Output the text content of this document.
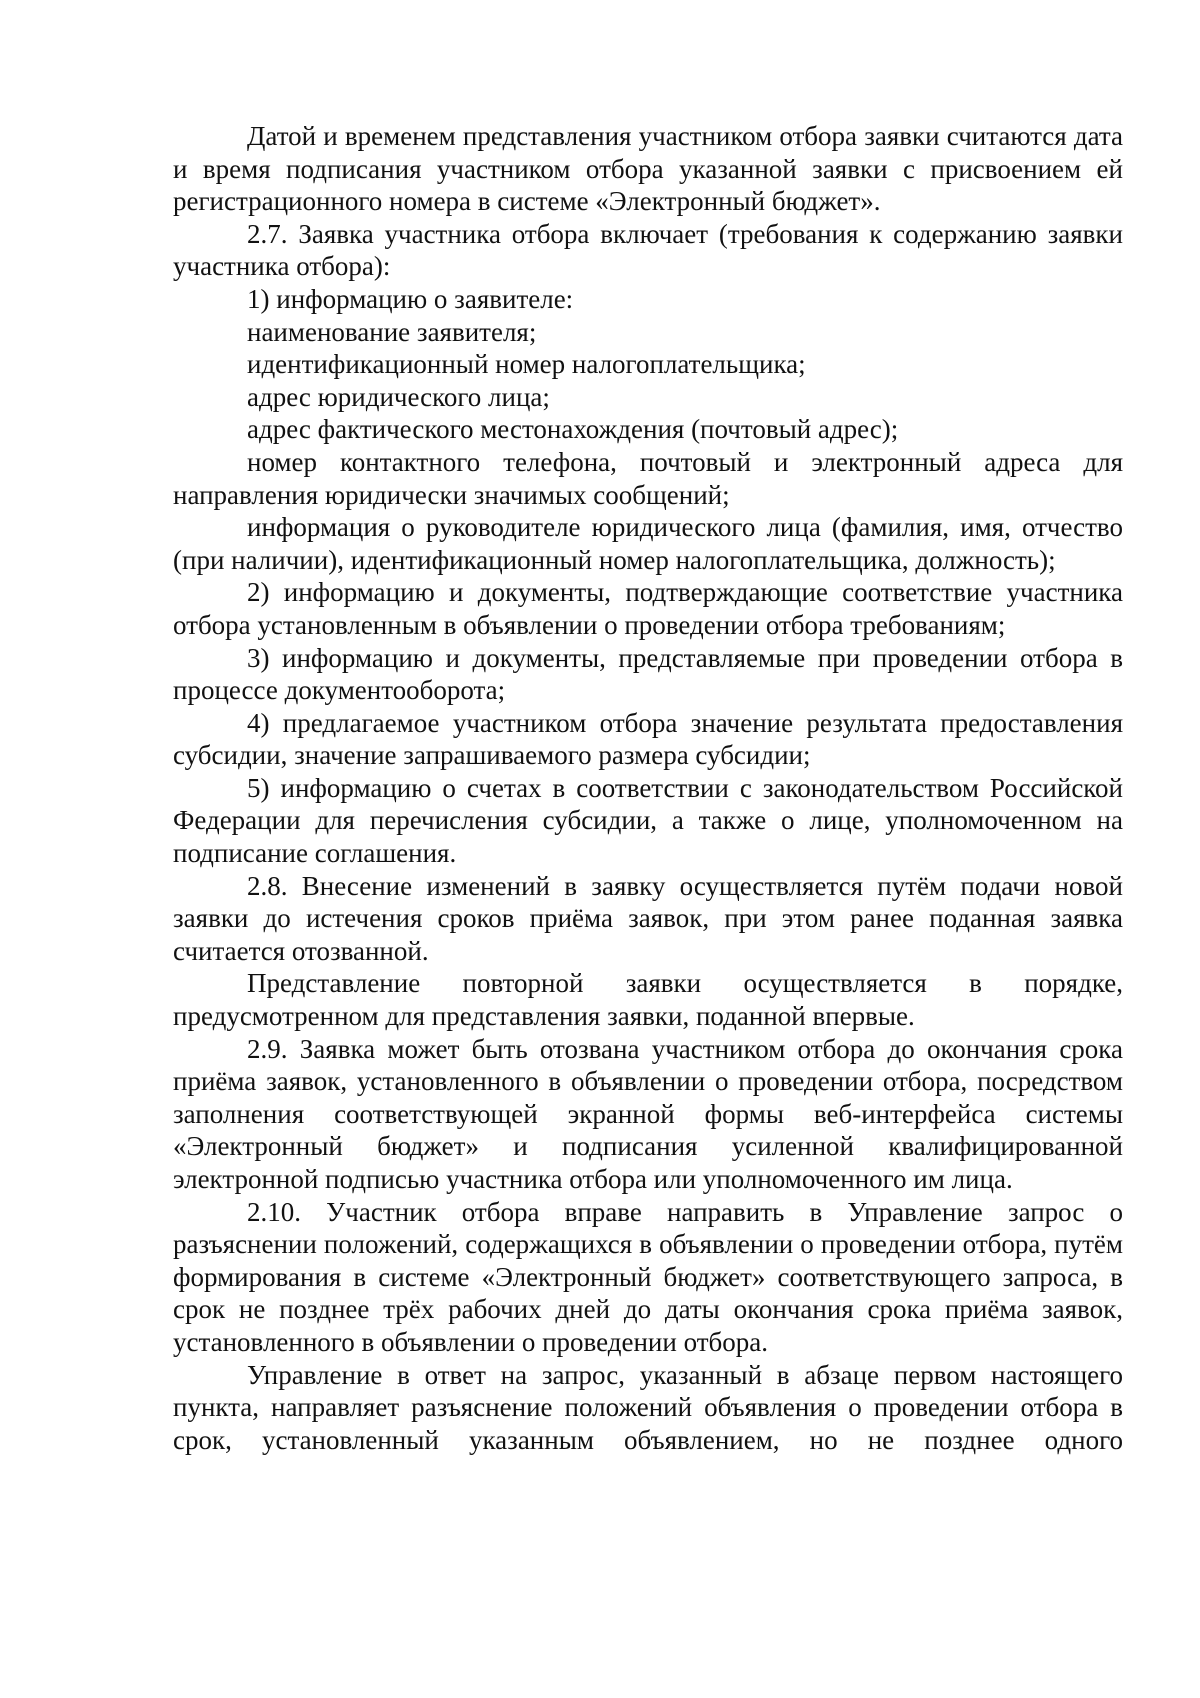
Датой и временем представления участником отбора заявки считаются дата и время подписания участником отбора указанной заявки с присвоением ей регистрационного номера в системе «Электронный бюджет».

2.7. Заявка участника отбора включает (требования к содержанию заявки участника отбора):

1) информацию о заявителе:

наименование заявителя;

идентификационный номер налогоплательщика;

адрес юридического лица;

адрес фактического местонахождения (почтовый адрес);

номер контактного телефона, почтовый и электронный адреса для направления юридически значимых сообщений;

информация о руководителе юридического лица (фамилия, имя, отчество (при наличии), идентификационный номер налогоплательщика, должность);

2) информацию и документы, подтверждающие соответствие участника отбора установленным в объявлении о проведении отбора требованиям;

3) информацию и документы, представляемые при проведении отбора в процессе документооборота;

4) предлагаемое участником отбора значение результата предоставления субсидии, значение запрашиваемого размера субсидии;

5) информацию о счетах в соответствии с законодательством Российской Федерации для перечисления субсидии, а также о лице, уполномоченном на подписание соглашения.

2.8. Внесение изменений в заявку осуществляется путём подачи новой заявки до истечения сроков приёма заявок, при этом ранее поданная заявка считается отозванной.

Представление повторной заявки осуществляется в порядке, предусмотренном для представления заявки, поданной впервые.

2.9. Заявка может быть отозвана участником отбора до окончания срока приёма заявок, установленного в объявлении о проведении отбора, посредством заполнения соответствующей экранной формы веб-интерфейса системы «Электронный бюджет» и подписания усиленной квалифицированной электронной подписью участника отбора или уполномоченного им лица.

2.10. Участник отбора вправе направить в Управление запрос о разъяснении положений, содержащихся в объявлении о проведении отбора, путём формирования в системе «Электронный бюджет» соответствующего запроса, в срок не позднее трёх рабочих дней до даты окончания срока приёма заявок, установленного в объявлении о проведении отбора.

Управление в ответ на запрос, указанный в абзаце первом настоящего пункта, направляет разъяснение положений объявления о проведении отбора в срок, установленный указанным объявлением, но не позднее одного
